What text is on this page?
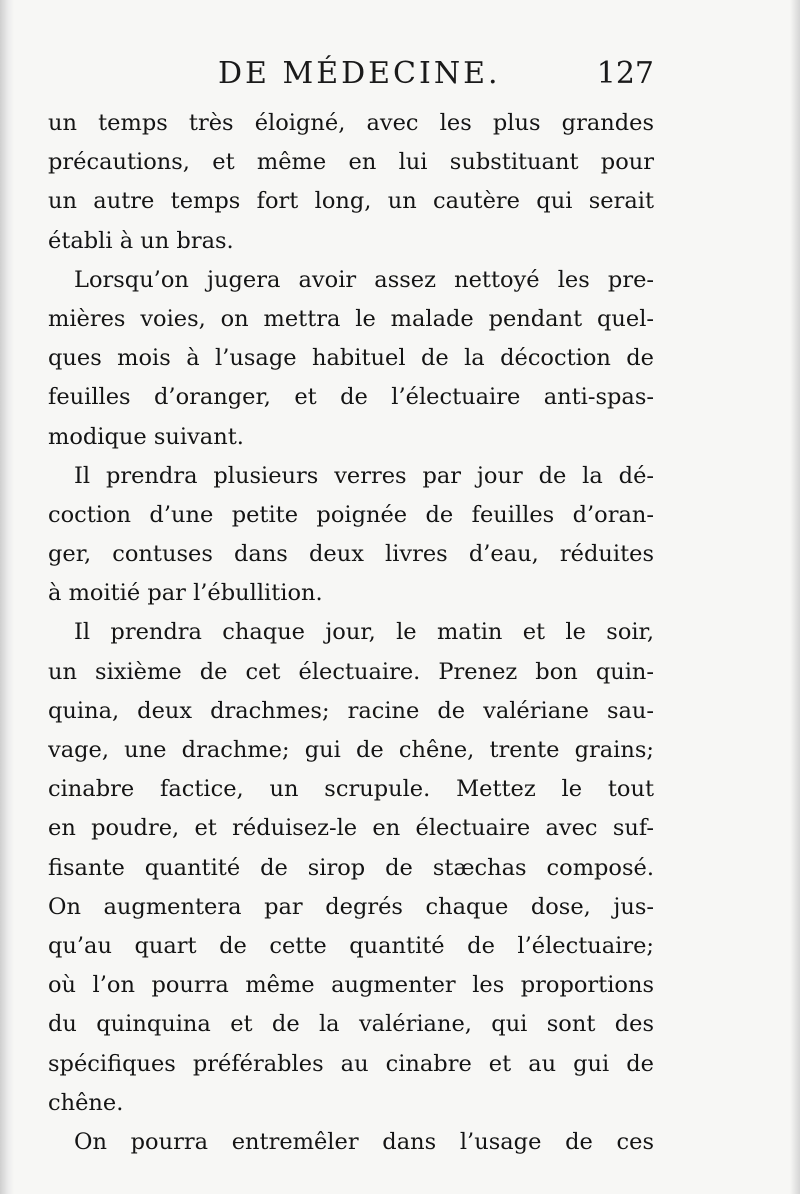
DE MÉDECINE.	127
un temps très éloigné, avec les plus grandes
précautions, et même en lui substituant pour
un autre temps fort long, un cautère qui serait
établi à un bras.
Lorsqu’on jugera avoir assez nettoyé les pre-
mières voies, on mettra le malade pendant quel-
ques mois à l’usage habituel de la décoction de
feuilles d’oranger, et de l’électuaire anti-spas-
modique suivant.
Il prendra plusieurs verres par jour de la dé-
coction d’une petite poignée de feuilles d’oran-
ger, contuses dans deux livres d’eau, réduites
à moitié par l’ébullition.
Il prendra chaque jour, le matin et le soir,
un sixième de cet électuaire. Prenez bon quin-
quina, deux drachmes; racine de valériane sau-
vage, une drachme; gui de chêne, trente grains;
cinabre factice, un scrupule. Mettez le tout
en poudre, et réduisez-le en électuaire avec suf-
fisante quantité de sirop de stæchas composé.
On augmentera par degrés chaque dose, jus-
qu’au quart de cette quantité de l’électuaire;
où l’on pourra même augmenter les proportions
du quinquina et de la valériane, qui sont des
spécifiques préférables au cinabre et au gui de
chêne.
On pourra entremêler dans l’usage de ces
